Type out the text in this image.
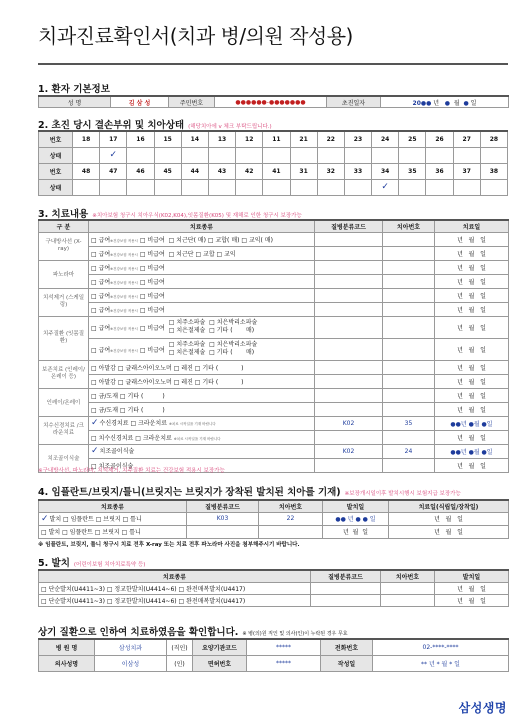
치과진료확인서(치과 병/의원 작성용)
1. 환자 기본정보
성 명	김 삼 성	주민번호	●●●●●●-●●●●●●●	초진일자	20●● 년 ● 월 ● 일
2. 초진 당시 결손부위 및 치아상태 (해당치아에 v 체크 부탁드립니다.)
번호	18	17	16	15	14	13	12	11	21	22	23	24	25	26	27	28
상태		✓														
번호	48	47	46	45	44	43	42	41	31	32	33	34	35	36	37	38
상태												✓				
3. 치료내용 ※치아보험 청구시 치아우식(K02,K04),잇몸질환(K05) 및 재해로 인한 청구시 보장가능
구 분	치료종류	질병분류코드	치아번호	치료일
구내방사선 (X-ray)	□ 급여※건강보험 적용시 □ 비급여 □ 치근단( 매) □ 교합( 매) □ 교익( 매)			년 월 일
	□ 급여※건강보험 적용시 □ 비급여 □ 치근단 □ 교합 □ 교익			년 월 일
파노라마	□ 급여※건강보험 적용시 □ 비급여			년 월 일
	□ 급여※건강보험 적용시 □ 비급여			년 월 일
치석제거 (스케일링)	□ 급여※건강보험 적용시 □ 비급여			년 월 일
	□ 급여※건강보험 적용시 □ 비급여			년 월 일
치주질환 (잇몸질환)	□ 급여※건강보험 적용시 □ 비급여
□ 치주소파술 □ 치은박리소파술
□ 치은절제술 □ 기타 ( 매)			년 월 일

	□ 급여※건강보험 적용시 □ 비급여
□ 치주소파술 □ 치은박리소파술
□ 치은절제술 □ 기타 ( 매)			년 월 일
보존치료 (인레이/온레이 등)	□ 아말감 □ 글래스아이오노머 □ 레진 □ 기타 ( )			년 월 일
	□ 아말감 □ 글래스아이오노머 □ 레진 □ 기타 ( )			년 월 일
인레이/온레이	□ 금/도재 □ 기타 ( )			년 월 일
	□ 금/도재 □ 기타 ( )			년 월 일
치수신경치료 /크라운치료	✓수신경치료 □ 크라운치료 ※치료 시작일을 기재 바랍니다	K02	35	●●년 ●월 ●일
	□ 치수신경치료 □ 크라운치료 ※치료 시작일을 기재 바랍니다			년 월 일
치조골이식술	✓치조골이식술	K02	24	●●년 ●월 ●일
	□ 치조골이식술			년 월 일
※구내방사선, 파노라마, 치석제거, 치주질환 치료는 건강보험 적용시 보장가능
4. 임플란트/브릿지/틀니(브릿지는 브릿지가 장착된 발치된 치아를 기재) ※보장개시일이후 발치시행시 보험지급 보장가능
치료종류	질병분류코드	치아번호	발치일	치료일(식립일/장착일)
✓발치 □ 임플란트 □ 브릿지 □ 틀니	K03	22	●● 년 ● ● 일	년 월 일
□ 발치 □ 임플란트 □ 브릿지 □ 틀니			년 월 일	년 월 일
※ 임플란트, 브릿지, 틀니 청구시 치료 전후 X-ray 또는 치료 전후 파노라마 사진을 첨부해주시기 바랍니다.
5. 발치 (어린이보험 치아치료특약 등)
치료종류	질병분류코드	치아번호	발치일
□ 단순발치(U4411~3) □ 정교한발치(U4414~6) □ 완전매복발치(U4417)			년 월 일
□ 단순발치(U4411~3) □ 정교한발치(U4414~6) □ 완전매복발치(U4417)			년 월 일
상기 질환으로 인하여 치료하였음을 확인합니다. ※ 병(의)원 직인 및 의사(인)이 누락된 경우 무효
병 원 명	삼성치과	(직인)	요양기관코드	*****	전화번호	02-****-****
의사성명	이삼성	(인)	면허번호	*****	작성일	** 년 * 월 * 일
삼성생명
